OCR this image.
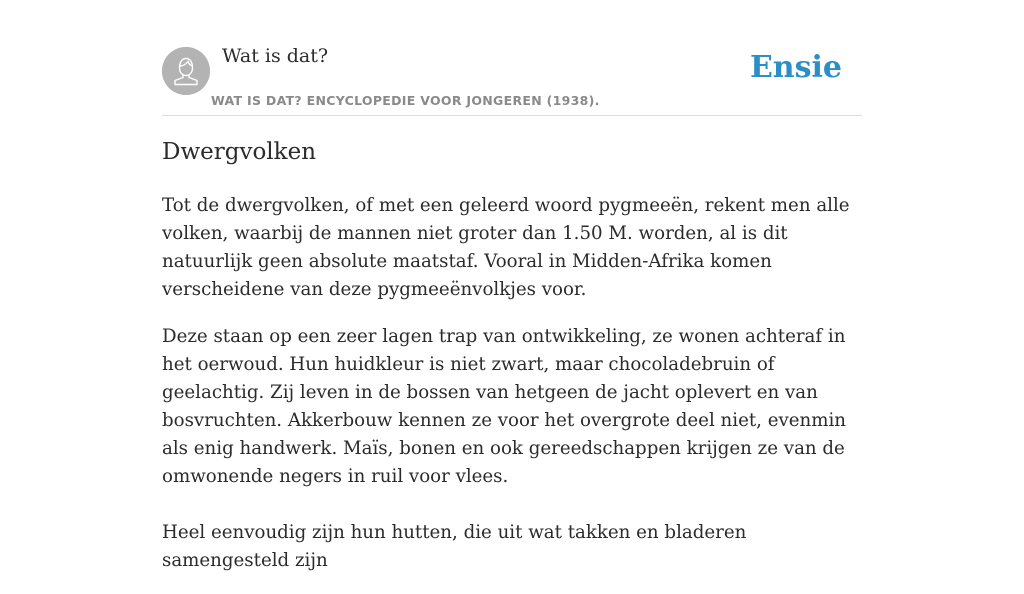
Wat is dat?
WAT IS DAT? ENCYCLOPEDIE VOOR JONGEREN (1938).
Ensie
Dwergvolken

Tot de dwergvolken, of met een geleerd woord pygmeeën, rekent men alle volken, waarbij de mannen niet groter dan 1.50 M. worden, al is dit natuurlijk geen absolute maatstaf. Vooral in Midden-Afrika komen verscheidene van deze pygmeeënvolkjes voor.

Deze staan op een zeer lagen trap van ontwikkeling, ze wonen achteraf in het oerwoud. Hun huidkleur is niet zwart, maar chocoladebruin of geelachtig. Zij leven in de bossen van hetgeen de jacht oplevert en van bosvruchten. Akkerbouw kennen ze voor het overgrote deel niet, evenmin als enig handwerk. Maïs, bonen en ook gereedschappen krijgen ze van de omwonende negers in ruil voor vlees.

Heel eenvoudig zijn hun hutten, die uit wat takken en bladeren samengesteld zijn
